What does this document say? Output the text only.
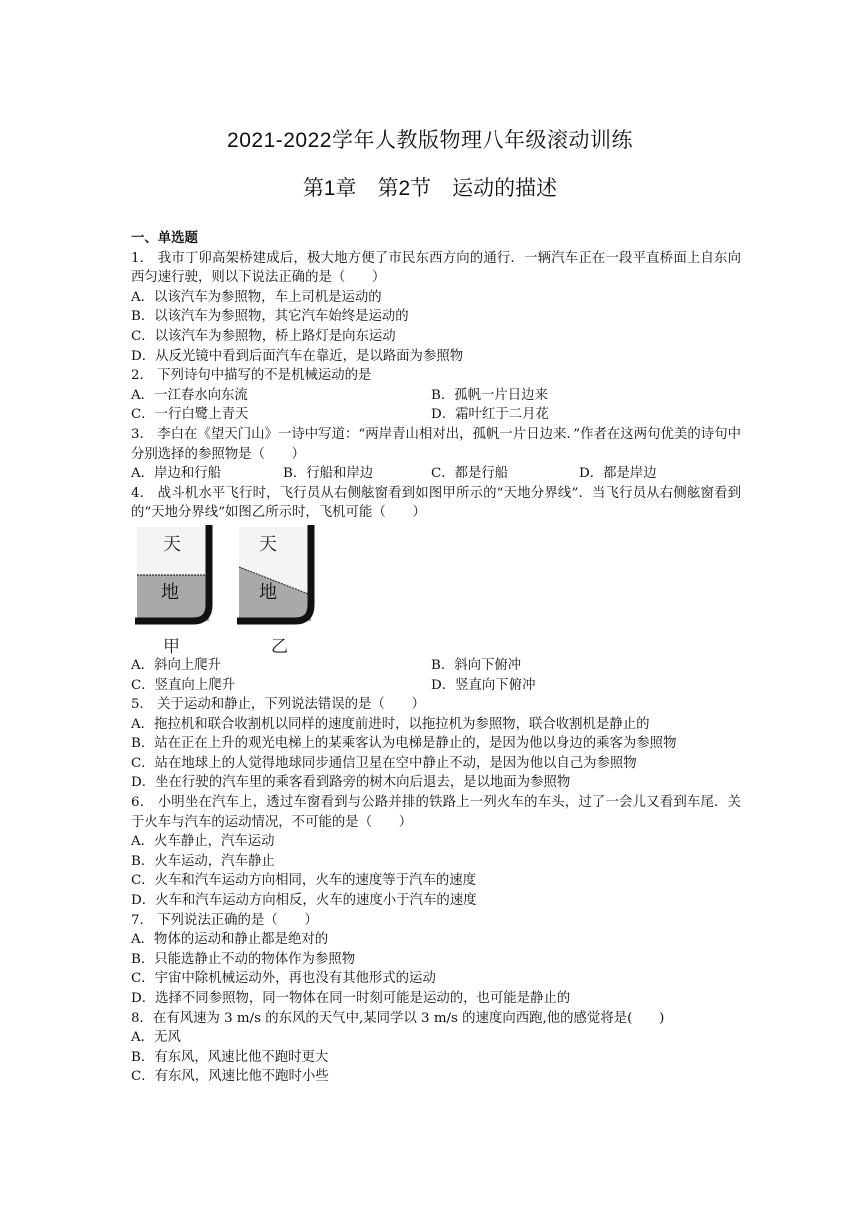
2021-2022学年人教版物理八年级滚动训练
第1章　第2节　运动的描述
一、单选题
1． 我市丁卯高架桥建成后，极大地方便了市民东西方向的通行．一辆汽车正在一段平直桥面上自东向西匀速行驶，则以下说法正确的是（　　）
A．以该汽车为参照物，车上司机是运动的
B．以该汽车为参照物，其它汽车始终是运动的
C．以该汽车为参照物，桥上路灯是向东运动
D．从反光镜中看到后面汽车在靠近，是以路面为参照物
2． 下列诗句中描写的不是机械运动的是
A．一江春水向东流	B．孤帆一片日边来
C．一行白鹭上青天	D．霜叶红于二月花
3． 李白在《望天门山》一诗中写道：“两岸青山相对出，孤帆一片日边来．”作者在这两句优美的诗句中分别选择的参照物是（　　）
A．岸边和行船	B．行船和岸边	C．都是行船	D．都是岸边
4． 战斗机水平飞行时，飞行员从右侧舷窗看到如图甲所示的“天地分界线”．当飞行员从右侧舷窗看到的“天地分界线”如图乙所示时，飞机可能（　　）
天
地
甲
天
地
乙
A．斜向上爬升	B．斜向下俯冲
C．竖直向上爬升	D．竖直向下俯冲
5． 关于运动和静止，下列说法错误的是（　　）
A．拖拉机和联合收割机以同样的速度前进时，以拖拉机为参照物，联合收割机是静止的
B．站在正在上升的观光电梯上的某乘客认为电梯是静止的，是因为他以身边的乘客为参照物
C．站在地球上的人觉得地球同步通信卫星在空中静止不动，是因为他以自己为参照物
D．坐在行驶的汽车里的乘客看到路旁的树木向后退去，是以地面为参照物
6． 小明坐在汽车上，透过车窗看到与公路并排的铁路上一列火车的车头，过了一会儿又看到车尾．关于火车与汽车的运动情况，不可能的是（　　）
A．火车静止，汽车运动
B．火车运动，汽车静止
C．火车和汽车运动方向相同，火车的速度等于汽车的速度
D．火车和汽车运动方向相反，火车的速度小于汽车的速度
7． 下列说法正确的是（　　）
A．物体的运动和静止都是绝对的
B．只能选静止不动的物体作为参照物
C．宇宙中除机械运动外，再也没有其他形式的运动
D．选择不同参照物，同一物体在同一时刻可能是运动的，也可能是静止的
8．在有风速为 3 m/s 的东风的天气中,某同学以 3 m/s 的速度向西跑,他的感觉将是(　　)
A．无风
B．有东风，风速比他不跑时更大
C．有东风，风速比他不跑时小些
